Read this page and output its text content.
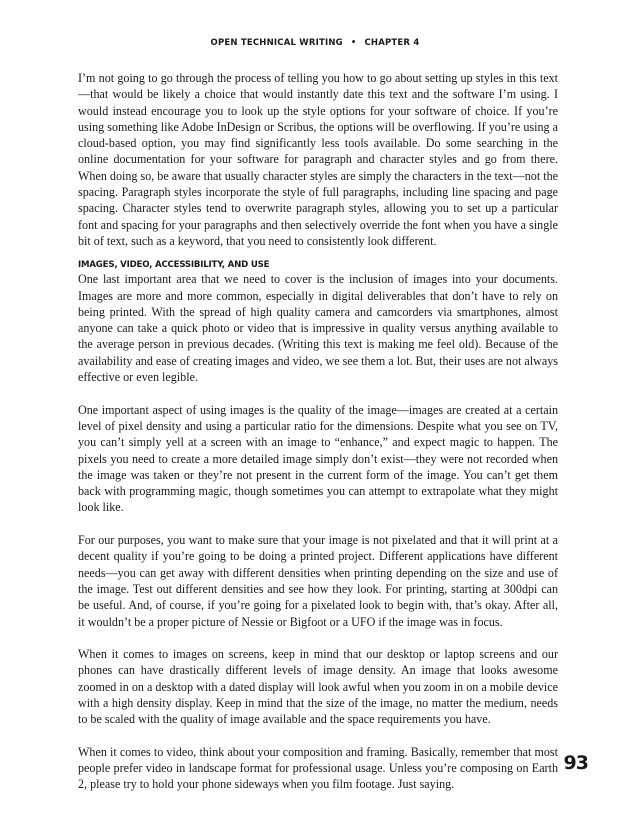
OPEN TECHNICAL WRITING • CHAPTER 4

I’m not going to go through the process of telling you how to go about setting up styles in this text—that would be likely a choice that would instantly date this text and the software I’m using. I would instead encourage you to look up the style options for your software of choice. If you’re using something like Adobe InDesign or Scribus, the options will be overflowing. If you’re using a cloud-based option, you may find significantly less tools available. Do some searching in the online documentation for your software for paragraph and character styles and go from there. When doing so, be aware that usually character styles are simply the characters in the text—not the spacing. Paragraph styles incorporate the style of full paragraphs, including line spacing and page spacing. Character styles tend to overwrite paragraph styles, allowing you to set up a particular font and spacing for your paragraphs and then selectively override the font when you have a single bit of text, such as a keyword, that you need to consistently look different.

IMAGES, VIDEO, ACCESSIBILITY, AND USE

One last important area that we need to cover is the inclusion of images into your documents. Images are more and more common, especially in digital deliverables that don’t have to rely on being printed. With the spread of high quality camera and camcorders via smartphones, almost anyone can take a quick photo or video that is impressive in quality versus anything available to the average person in previous decades. (Writing this text is making me feel old). Because of the availability and ease of creating images and video, we see them a lot. But, their uses are not always effective or even legible.

One important aspect of using images is the quality of the image—images are created at a certain level of pixel density and using a particular ratio for the dimensions. Despite what you see on TV, you can’t simply yell at a screen with an image to “enhance,” and expect magic to happen. The pixels you need to create a more detailed image simply don’t exist—they were not recorded when the image was taken or they’re not present in the current form of the image. You can’t get them back with programming magic, though sometimes you can attempt to extrapolate what they might look like.

For our purposes, you want to make sure that your image is not pixelated and that it will print at a decent quality if you’re going to be doing a printed project. Different applications have different needs—you can get away with different densities when printing depending on the size and use of the image. Test out different densities and see how they look. For printing, starting at 300dpi can be useful. And, of course, if you’re going for a pixelated look to begin with, that’s okay. After all, it wouldn’t be a proper picture of Nessie or Bigfoot or a UFO if the image was in focus.

When it comes to images on screens, keep in mind that our desktop or laptop screens and our phones can have drastically different levels of image density. An image that looks awesome zoomed in on a desktop with a dated display will look awful when you zoom in on a mobile device with a high density display. Keep in mind that the size of the image, no matter the medium, needs to be scaled with the quality of image available and the space requirements you have.

When it comes to video, think about your composition and framing. Basically, remember that most people prefer video in landscape format for professional usage. Unless you’re composing on Earth 2, please try to hold your phone sideways when you film footage. Just saying.

93
